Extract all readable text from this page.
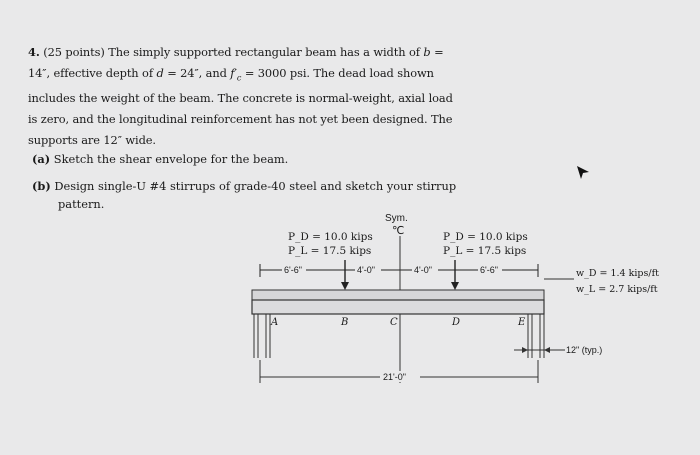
4. (25 points) The simply supported rectangular beam has a width of b =
14″, effective depth of d = 24″, and $f'_c = 3000$ psi. The dead load shown
includes the weight of the beam. The concrete is normal-weight, axial load
is zero, and the longitudinal reinforcement has not yet been designed. The
supports are 12″ wide.
(a) Sketch the shear envelope for the beam.
(b) Design single-U #4 stirrups of grade-40 steel and sketch your stirrup
pattern.
Sym.
℃
P_D = 10.0 kips
P_L = 17.5 kips
P_D = 10.0 kips
P_L = 17.5 kips
6'-6"	4'-0"	4'-0"	6'-6"
A	B	C	D	E
w_D = 1.4 kips/ft
w_L = 2.7 kips/ft
12" (typ.)
21'-0"
